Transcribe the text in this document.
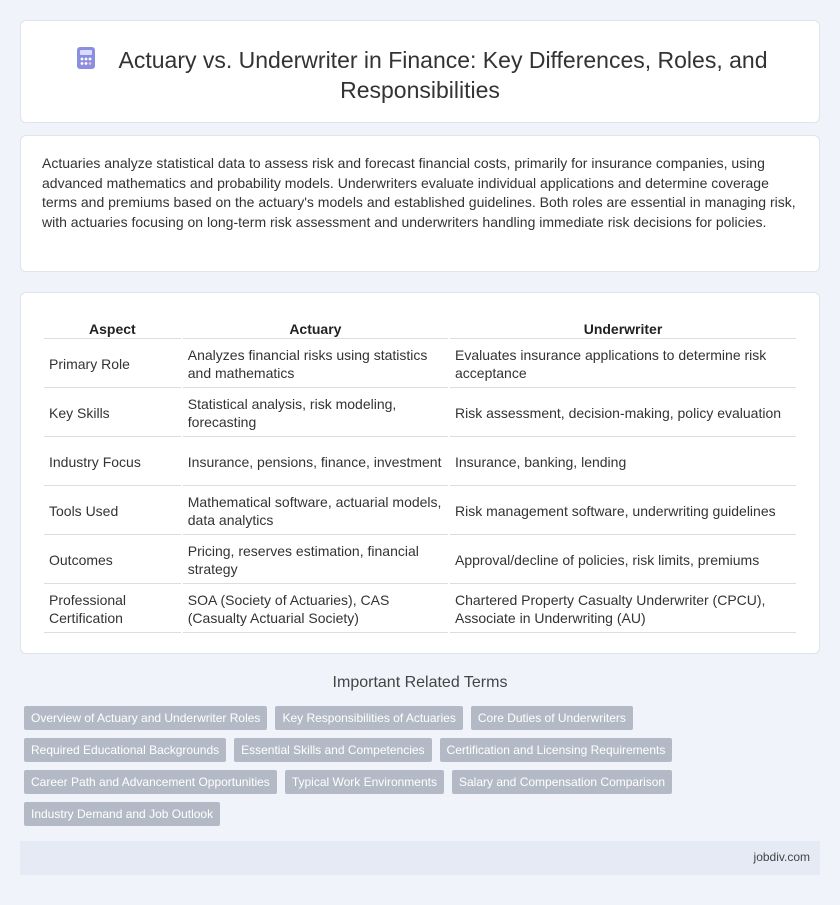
Actuary vs. Underwriter in Finance: Key Differences, Roles, and Responsibilities

Actuaries analyze statistical data to assess risk and forecast financial costs, primarily for insurance companies, using advanced mathematics and probability models. Underwriters evaluate individual applications and determine coverage terms and premiums based on the actuary's models and established guidelines. Both roles are essential in managing risk, with actuaries focusing on long-term risk assessment and underwriters handling immediate risk decisions for policies.

Aspect	Actuary	Underwriter
Primary Role	Analyzes financial risks using statistics and mathematics	Evaluates insurance applications to determine risk acceptance
Key Skills	Statistical analysis, risk modeling, forecasting	Risk assessment, decision-making, policy evaluation
Industry Focus	Insurance, pensions, finance, investment	Insurance, banking, lending
Tools Used	Mathematical software, actuarial models, data analytics	Risk management software, underwriting guidelines
Outcomes	Pricing, reserves estimation, financial strategy	Approval/decline of policies, risk limits, premiums
Professional Certification	SOA (Society of Actuaries), CAS (Casualty Actuarial Society)	Chartered Property Casualty Underwriter (CPCU), Associate in Underwriting (AU)
Important Related Terms
Overview of Actuary and Underwriter Roles	Key Responsibilities of Actuaries	Core Duties of Underwriters
Required Educational Backgrounds	Essential Skills and Competencies	Certification and Licensing Requirements
Career Path and Advancement Opportunities	Typical Work Environments	Salary and Compensation Comparison
Industry Demand and Job Outlook
jobdiv.com
